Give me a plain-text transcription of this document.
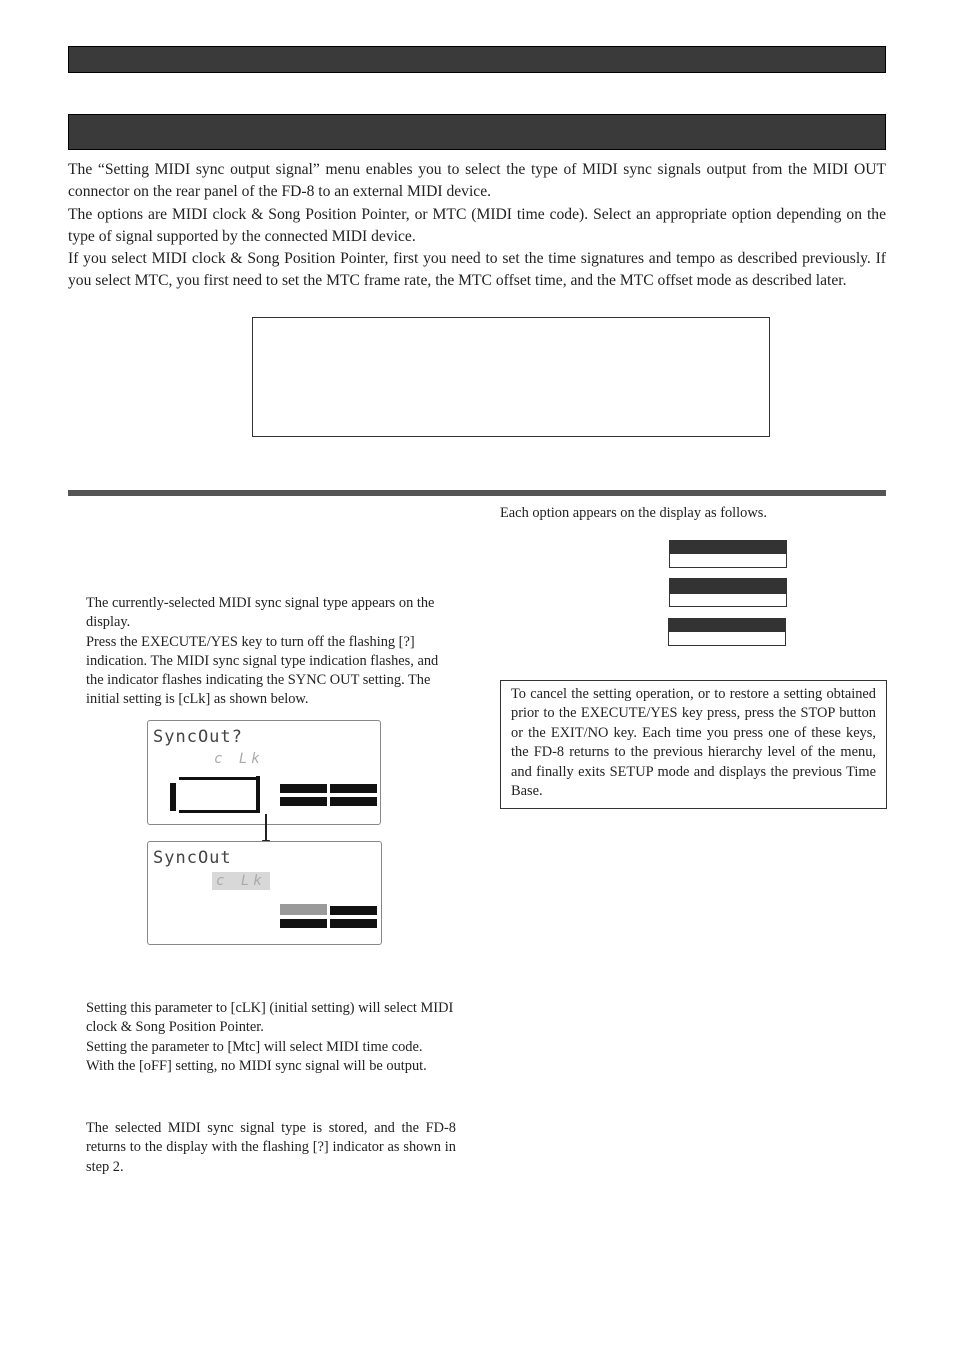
The “Setting MIDI sync output signal” menu enables you to select the type of MIDI sync signals output from the MIDI OUT connector on the rear panel of the FD-8 to an external MIDI device.

The options are MIDI clock & Song Position Pointer, or MTC (MIDI time code). Select an appropriate option depending on the type of signal supported by the connected MIDI device.

If you select MIDI clock & Song Position Pointer, first you need to set the time signatures and tempo as described previously. If you select MTC, you first need to set the MTC frame rate, the MTC offset time, and the MTC offset mode as described later.

The currently-selected MIDI sync signal type appears on the display.

Press the EXECUTE/YES key to turn off the flashing [?] indication. The MIDI sync signal type indication flashes, and the indicator flashes indicating the SYNC OUT setting. The initial setting is [cLk] as shown below.

SyncOut?
c Lk
SyncOut
c Lk

Setting this parameter to [cLK] (initial setting) will select MIDI clock & Song Position Pointer.

Setting the parameter to [Mtc] will select MIDI time code.

With the [oFF] setting, no MIDI sync signal will be output.

The selected MIDI sync signal type is stored, and the FD-8 returns to the display with the flashing [?] indicator as shown in step 2.

Each option appears on the display as follows.
To cancel the setting operation, or to restore a setting obtained prior to the EXECUTE/YES key press, press the STOP button or the EXIT/NO key. Each time you press one of these keys, the FD-8 returns to the previous hierarchy level of the menu, and finally exits SETUP mode and displays the previous Time Base.
